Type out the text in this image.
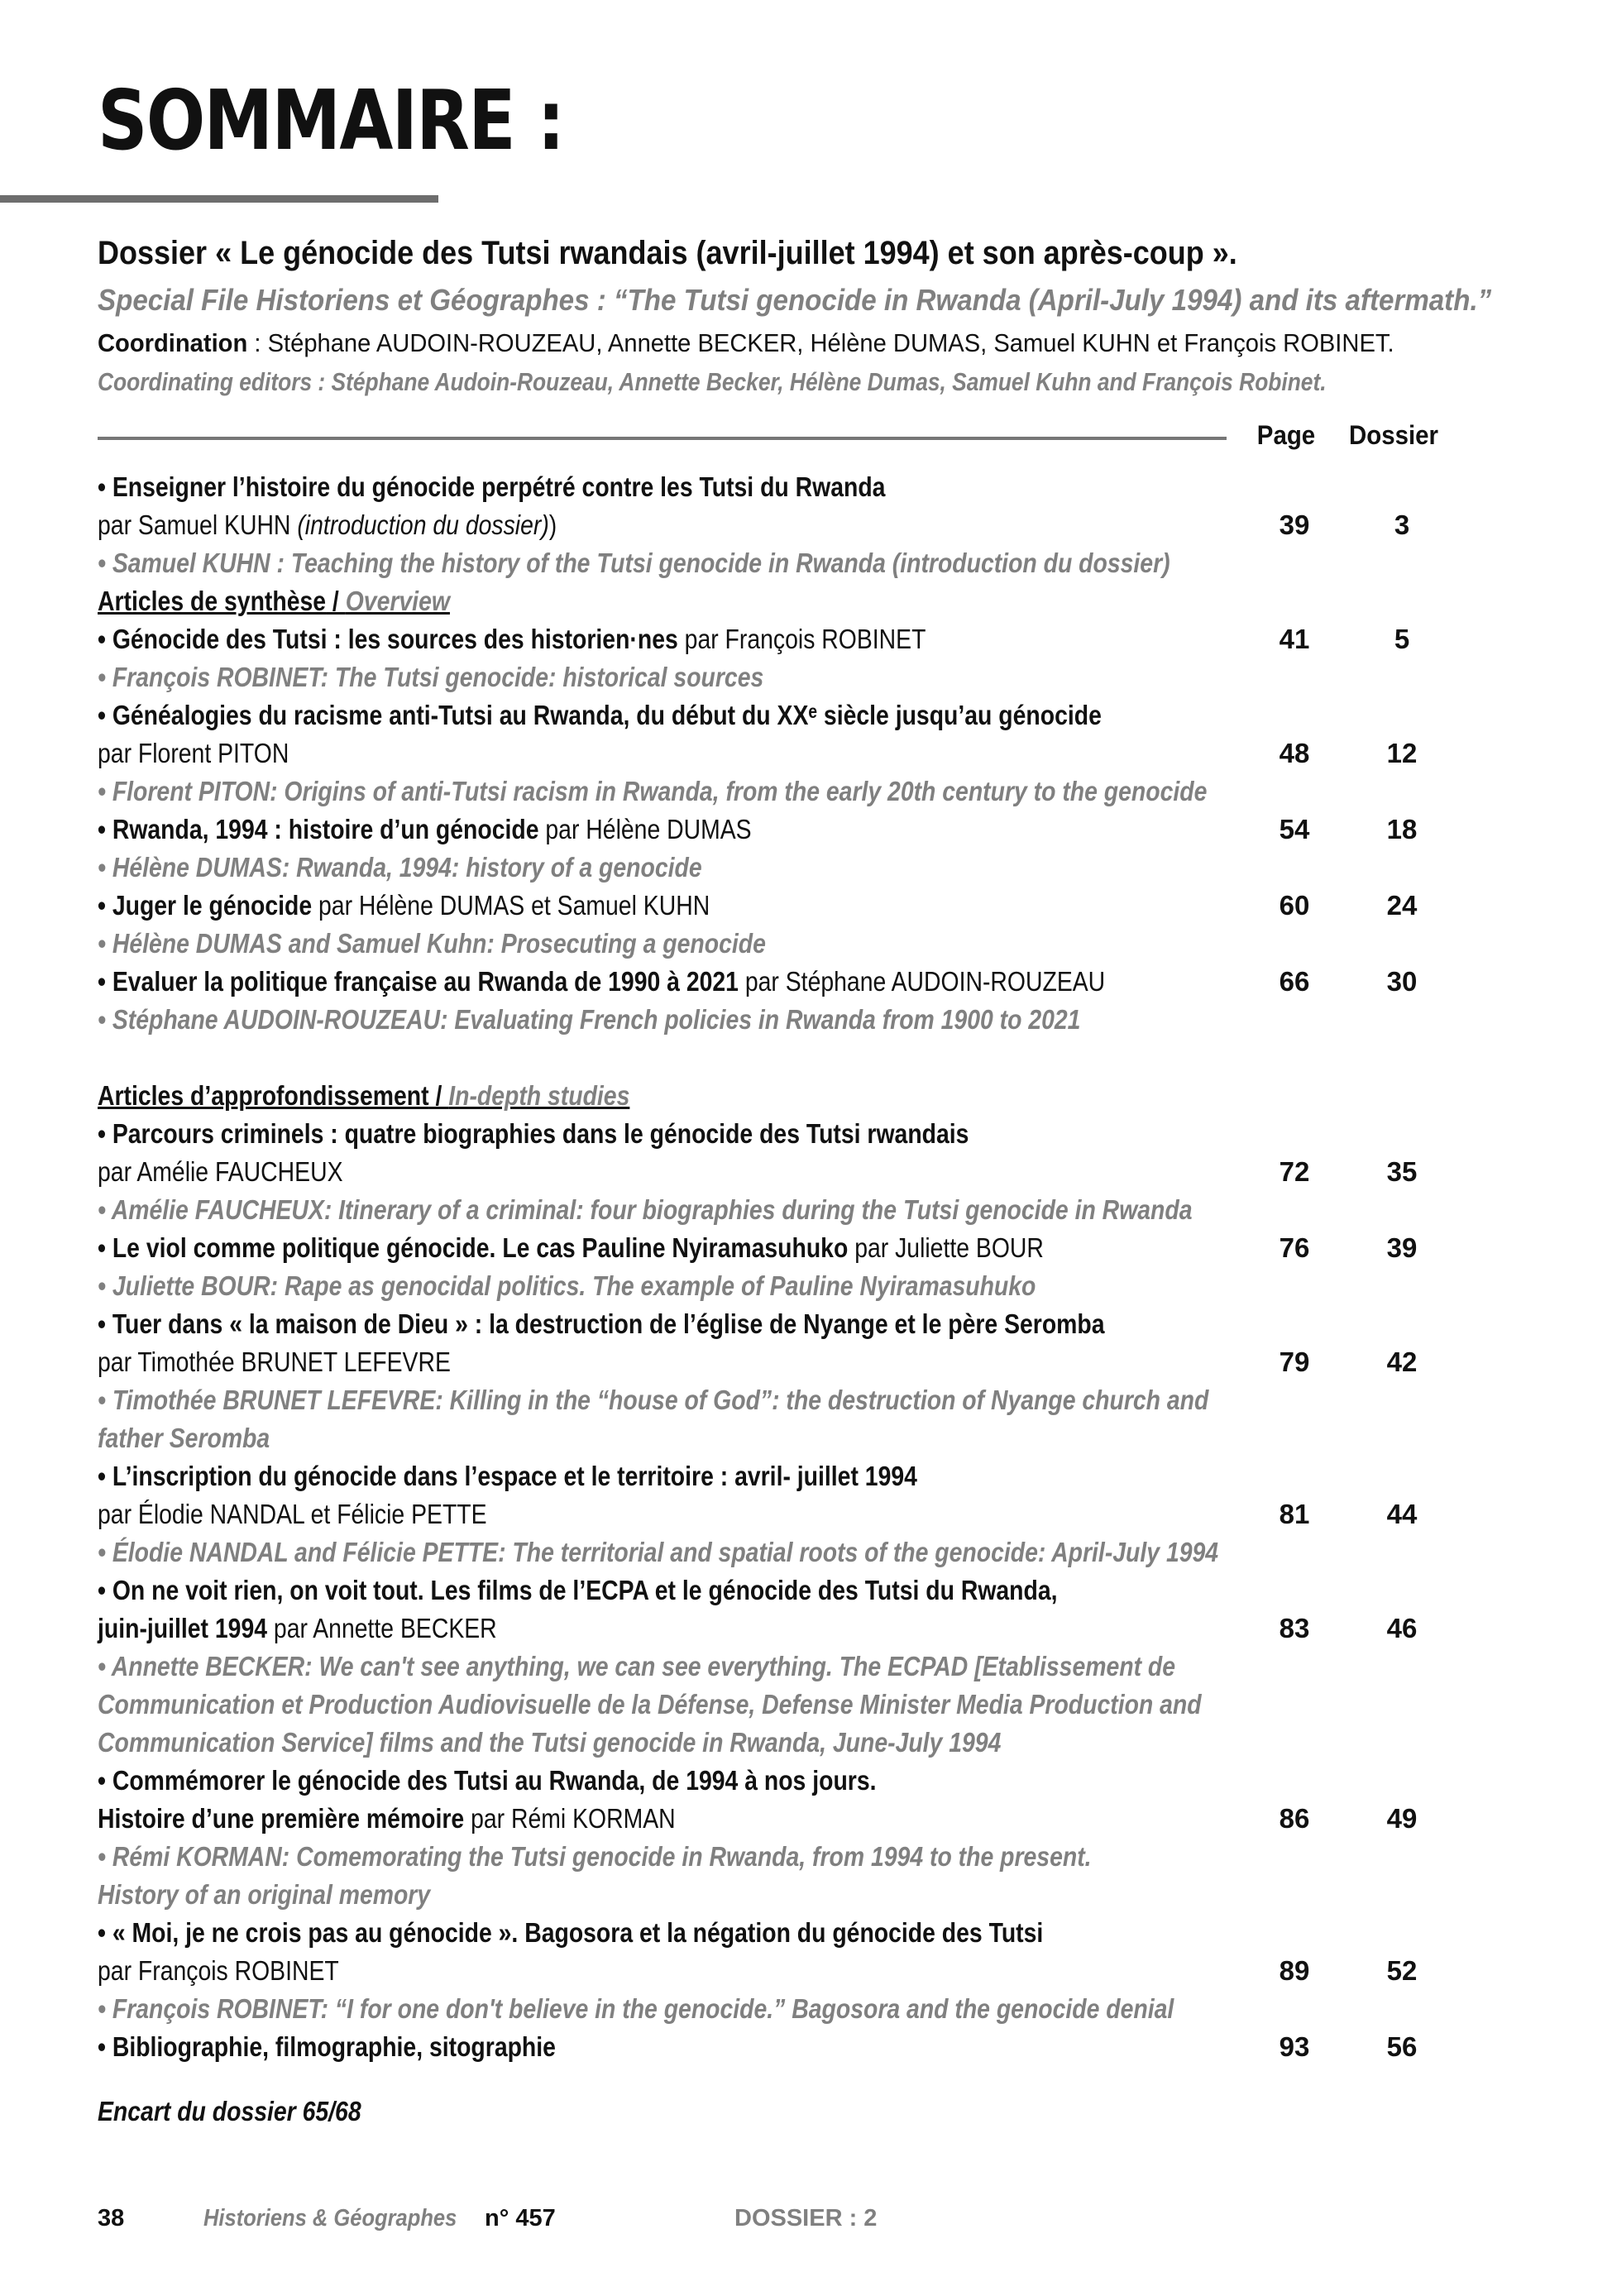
SOMMAIRE :
Dossier « Le génocide des Tutsi rwandais (avril-juillet 1994) et son après-coup ».
Special File Historiens et Géographes : “The Tutsi genocide in Rwanda (April-July 1994) and its aftermath.”
Coordination : Stéphane AUDOIN-ROUZEAU, Annette BECKER, Hélène DUMAS, Samuel KUHN et François ROBINET.
Coordinating editors : Stéphane Audoin-Rouzeau, Annette Becker, Hélène Dumas, Samuel Kuhn and François Robinet.
Page	Dossier
• Enseigner l’histoire du génocide perpétré contre les Tutsi du Rwanda
par Samuel KUHN (introduction du dossier))	39	3
• Samuel KUHN : Teaching the history of the Tutsi genocide in Rwanda (introduction du dossier)
Articles de synthèse / Overview
• Génocide des Tutsi : les sources des historien·nes par François ROBINET	41	5
• François ROBINET: The Tutsi genocide: historical sources
• Généalogies du racisme anti-Tutsi au Rwanda, du début du XXᵉ siècle jusqu’au génocide
par Florent PITON	48	12
• Florent PITON: Origins of anti-Tutsi racism in Rwanda, from the early 20th century to the genocide
• Rwanda, 1994 : histoire d’un génocide par Hélène DUMAS	54	18
• Hélène DUMAS: Rwanda, 1994: history of a genocide
• Juger le génocide par Hélène DUMAS et Samuel KUHN	60	24
• Hélène DUMAS and Samuel Kuhn: Prosecuting a genocide
• Evaluer la politique française au Rwanda de 1990 à 2021 par Stéphane AUDOIN-ROUZEAU	66	30
• Stéphane AUDOIN-ROUZEAU: Evaluating French policies in Rwanda from 1900 to 2021
Articles d’approfondissement / In-depth studies
• Parcours criminels : quatre biographies dans le génocide des Tutsi rwandais
par Amélie FAUCHEUX	72	35
• Amélie FAUCHEUX: Itinerary of a criminal: four biographies during the Tutsi genocide in Rwanda
• Le viol comme politique génocide. Le cas Pauline Nyiramasuhuko par Juliette BOUR	76	39
• Juliette BOUR: Rape as genocidal politics. The example of Pauline Nyiramasuhuko
• Tuer dans « la maison de Dieu » : la destruction de l’église de Nyange et le père Seromba
par Timothée BRUNET LEFEVRE	79	42
• Timothée BRUNET LEFEVRE: Killing in the “house of God”: the destruction of Nyange church and
father Seromba
• L’inscription du génocide dans l’espace et le territoire : avril- juillet 1994
par Élodie NANDAL et Félicie PETTE	81	44
• Élodie NANDAL and Félicie PETTE: The territorial and spatial roots of the genocide: April-July 1994
• On ne voit rien, on voit tout. Les films de l’ECPA et le génocide des Tutsi du Rwanda,
juin-juillet 1994 par Annette BECKER	83	46
• Annette BECKER: We can't see anything, we can see everything. The ECPAD [Etablissement de
Communication et Production Audiovisuelle de la Défense, Defense Minister Media Production and
Communication Service] films and the Tutsi genocide in Rwanda, June-July 1994
• Commémorer le génocide des Tutsi au Rwanda, de 1994 à nos jours.
Histoire d’une première mémoire par Rémi KORMAN	86	49
• Rémi KORMAN: Comemorating the Tutsi genocide in Rwanda, from 1994 to the present.
History of an original memory
• « Moi, je ne crois pas au génocide ». Bagosora et la négation du génocide des Tutsi
par François ROBINET	89	52
• François ROBINET: “I for one don't believe in the genocide.” Bagosora and the genocide denial
• Bibliographie, filmographie, sitographie	93	56
Encart du dossier 65/68
38	Historiens & Géographes n° 457	DOSSIER : 2
